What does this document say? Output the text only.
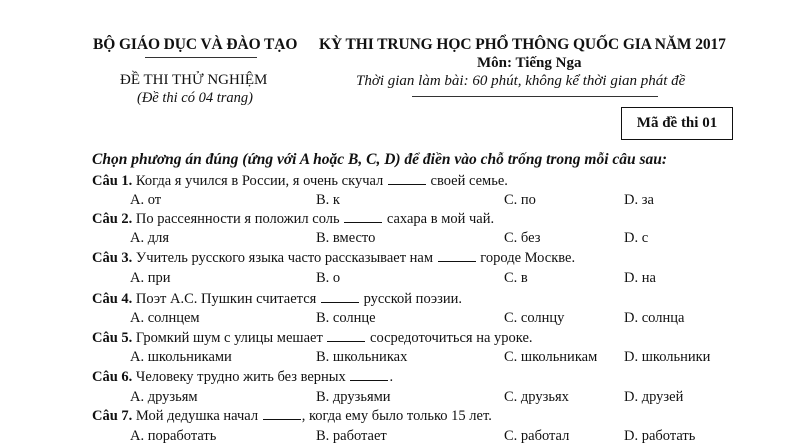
BỘ GIÁO DỤC VÀ ĐÀO TẠO
ĐỀ THI THỬ NGHIỆM
(Đề thi có 04 trang)
KỲ THI TRUNG HỌC PHỔ THÔNG QUỐC GIA NĂM 2017
Môn: Tiếng Nga
Thời gian làm bài: 60 phút, không kể thời gian phát đề
Mã đề thi 01
Chọn phương án đúng (ứng với A hoặc B, C, D) để điền vào chỗ trống trong mỗi câu sau:
Câu 1. Когда я учился в России, я очень скучал	своей семье.
A. от	B. к	C. по	D. за
Câu 2. По рассеянности я положил соль	сахара в мой чай.
A. для	B. вместо	C. без	D. с
Câu 3. Учитель русского языка часто рассказывает нам	городе Москве.
A. при	B. о	C. в	D. на
Câu 4. Поэт А.С. Пушкин считается	русской поэзии.
A. солнцем	B. солнце	C. солнцу	D. солнца
Câu 5. Громкий шум с улицы мешает	сосредоточиться на уроке.
A. школьниками	B. школьниках	C. школьникам D. школьники
Câu 6. Человеку трудно жить без верных	.
A. друзьям	B. друзьями	C. друзьях	D. друзей
Câu 7. Мой дедушка начал	, когда ему было только 15 лет.
A. поработать	B. работает	C. работал	D. работать
